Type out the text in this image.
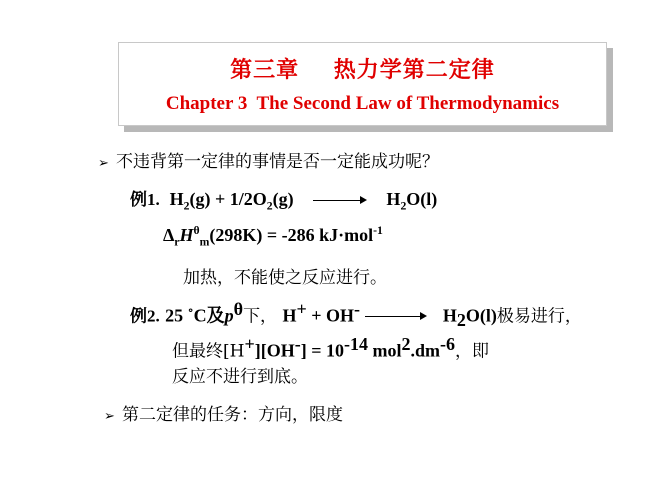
第三章    热力学第二定律
Chapter 3  The Second Law of Thermodynamics
➢ 不违背第一定律的事情是否一定能成功呢？
例1. $H_2(g) + 1/2O_2(g)$	$H_2O(l)$
$\Delta_rH^\theta_m(298K) = -286$ kJ·mol$^{-1}$
加热，不能使之反应进行。
例2. 25 ˚C及$p^\theta$下， H+ + OH-	$H_2O(l)$极易进行，
但最终$[H^+][OH^-] = 10^{-14}$ $mol^2.dm^{-6}$，即
反应不进行到底。
➢ 第二定律的任务：方向，限度
